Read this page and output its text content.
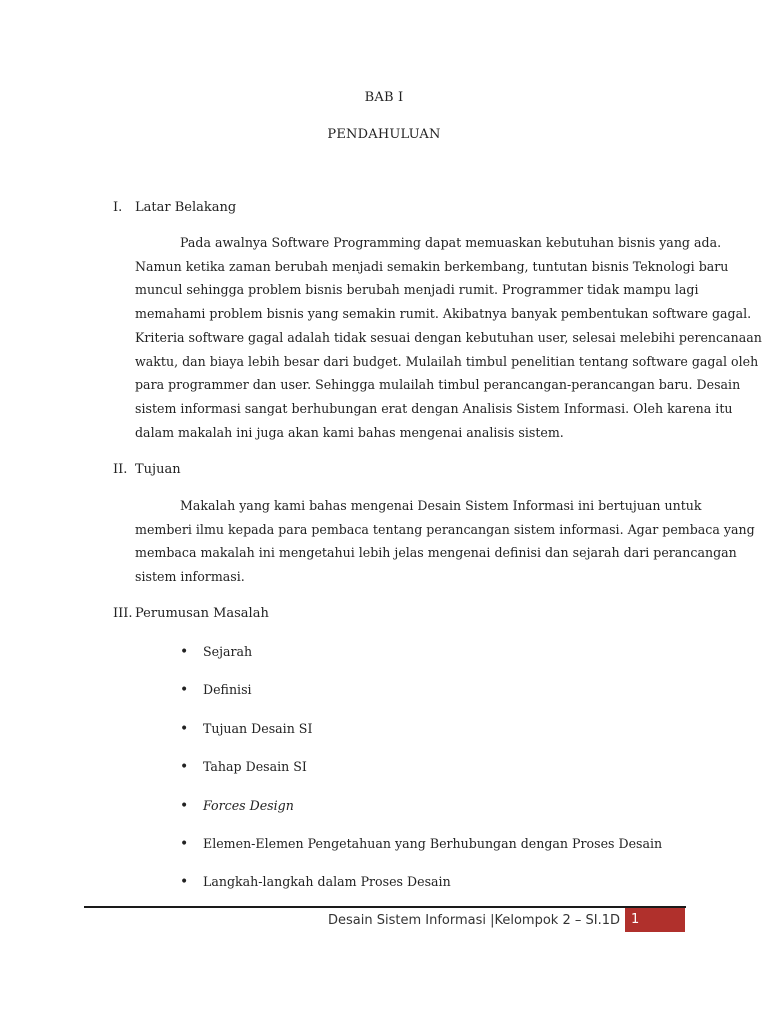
BAB I
PENDAHULUAN
I. Latar Belakang
Pada awalnya Software Programming dapat memuaskan kebutuhan bisnis yang ada.
Namun ketika zaman berubah menjadi semakin berkembang, tuntutan bisnis Teknologi baru
muncul sehingga problem bisnis berubah menjadi rumit. Programmer tidak mampu lagi
memahami problem bisnis yang semakin rumit. Akibatnya banyak pembentukan software gagal.
Kriteria software gagal adalah tidak sesuai dengan kebutuhan user, selesai melebihi perencanaan
waktu, dan biaya lebih besar dari budget. Mulailah timbul penelitian tentang software gagal oleh
para programmer dan user. Sehingga mulailah timbul perancangan-perancangan baru. Desain
sistem informasi sangat berhubungan erat dengan Analisis Sistem Informasi. Oleh karena itu
dalam makalah ini juga akan kami bahas mengenai analisis sistem.
II. Tujuan
Makalah yang kami bahas mengenai Desain Sistem Informasi ini bertujuan untuk
memberi ilmu kepada para pembaca tentang perancangan sistem informasi. Agar pembaca yang
membaca makalah ini mengetahui lebih jelas mengenai definisi dan sejarah dari perancangan
sistem informasi.
III. Perumusan Masalah
•	Sejarah
•	Definisi
•	Tujuan Desain SI
•	Tahap Desain SI
•	Forces Design
•	Elemen-Elemen Pengetahuan yang Berhubungan dengan Proses Desain
•	Langkah-langkah dalam Proses Desain
Desain Sistem Informasi |Kelompok 2 – SI.1D 1
